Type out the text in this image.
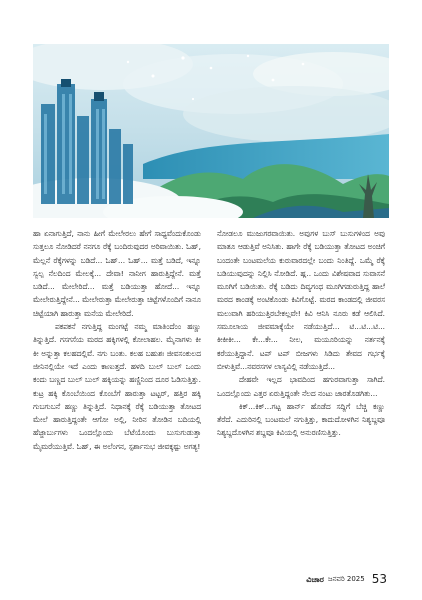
ಹಾ ಏನಾಗುತ್ತಿದೆ, ನಾನು ಹೀಗೆ ಮೇಲೇರಲು ಹೇಗೆ ಸಾಧ್ಯವೆಂದುಕೊಂಡು ಸುತ್ತಲೂ ನೋಡಿದರೆ ನನಗೂ ರೆಕ್ಕೆ ಬಂದಿರುವುದರ ಅರಿವಾಯಿತು. ಓಹ್, ಮೆಲ್ಲನೆ ರೆಕ್ಕೆಗಳನ್ನು ಬಡಿದೆ... ಓಹ್... ಓಹ್... ಮತ್ತೆ ಬಡಿದೆ, ಇನ್ನೂ ಸ್ವಲ್ಪ ನೆಲದಿಂದ ಮೇಲಕ್ಕೆ... ದೇವಾ! ನಾನೀಗ ಹಾರುತ್ತಿದ್ದೇನೆ. ಮತ್ತೆ ಬಡಿದೆ... ಮೇಲೇರಿದೆ... ಮತ್ತೆ ಬಡಿಯುತ್ತಾ ಹೋದೆ... ಇನ್ನೂ ಮೇಲೇರುತ್ತಿದ್ದೇನೆ... ಮೇಲೇರುತ್ತಾ ಮೇಲೇರುತ್ತಾ ಚಿಟ್ಟೆಗಳೊಂದಿಗೆ ನಾನೂ ಚಿಟ್ಟೆಯಾಗಿ ಹಾರುತ್ತಾ ಮನೆಯ ಮೇಲೇರಿದೆ.

ಪಕಪಕನೆ ನಗುತ್ತಿದ್ದ ಮಂಗಟ್ಟೆ ನಮ್ಮ ಮಾತಿಂದೆಂಂ ಹಣ್ಣು ತಿನ್ನುತ್ತಿದೆ. ಗಸಗಸೆಯ ಮರದ ಹಕ್ಕಿಗಳಲ್ಲಿ ಕೋಲಾಹಲ. ಮೈನಾಗಳು ಕೀ ಕೀ ಅನ್ನುತ್ತಾ ಕಲಹದಲ್ಲಿವೆ. ನಗು ಬಂತು. ಕಲಹ ಬಹುಶಃ ಜೀವಸಂಕುಲದ ಜೀನಿನಲ್ಲಿಯೇ ಇದೆ ಎಂದು ಕಾಣುತ್ತದೆ. ಹಳದಿ ಬುಲ್ ಬುಲ್ ಒಂದು ಕಂದು ಬಣ್ಣದ ಬುಲ್ ಬುಲ್ ಹಕ್ಕಿಯನ್ನು ಹಣ್ಣಿನಿಂದ ದೂರ ಓಡಿಸುತ್ತಿತ್ತು. ಕುಟ್ರ ಹಕ್ಕಿ ಕೊಂಬೆಯಿಂದ ಕೊಂಬೆಗೆ ಹಾರುತ್ತಾ ಟಟ್ಟರ್, ಹತ್ತಿರ ಹಕ್ಕಿ ಗುಬಗುಬನೆ ಹಣ್ಣು ತಿನ್ನುತ್ತಿದೆ. ನಿಧಾನಕ್ಕೆ ರೆಕ್ಕೆ ಬಡಿಯುತ್ತಾ ತೋಟದ ಮೇಲೆ ಹಾರುತ್ತಿದ್ದಂತೇ ಆಗೋ ಅಲ್ಲಿ, ನೀರಿನ ತೋಡಿನ ಬದಿಯಲ್ಲಿ ಹೆಜ್ಜಾರ್ಬುಗಳು ಒಂದಲ್ಲೊಂದು ಬೆಟೆಯೊಂದು ಬುಸುಗುಡುತ್ತಾ ಮೈಮರೆಯುತ್ತಿವೆ. ಓಹ್, ಈ ಅಲೆಂಗನ, ಸ್ಪರ್ಶಾನುಭ ಜೀವಕ್ಕಷ್ಟು ಅಗತ್ಯ!

ನೋಡಲೂ ಮುಜುಗರವಾಯಿತು. ಅವುಗಳ ಬುಸ್ ಬುಸುಗಳಿಂದ ಅವು ಮಾತೂ ಆಡುತ್ತಿವೆ ಅನಿಸಿತು. ಹಾಗೇ ರೆಕ್ಕೆ ಬಡಿಯುತ್ತಾ ತೋಟದ ಅಂಚಿಗೆ ಬಂದಂತೇ ಬಂಟಮಲೆಯ ಕುರುವಾರದಲ್ಲೇ ಬಂದು ನಿಂತಿದ್ದೆ. ಒಮ್ಮೆ ರೆಕ್ಕೆ ಬಡಿಯುವುದನ್ನು ನಿಲ್ಲಿಸಿ ನೋಡಿದೆ. ಹ್ಲ.. ಒಂದು ವಿಶೇಷವಾದ ಸುವಾಸನೆ ಮೂಗಿಗೆ ಬಡಿಯಿತು. ರೆಕ್ಕೆ ಬಡಿದು ದಿವ್ಯಗಂಧ ಮೂಗಿಗಡುರುತ್ತಿದ್ದ ಹಾಲೆ ಮರದ ಕಾಂಡಕ್ಕೆ ಅಂಟಿಕೊಂಡು ಕಿವಿಗೊಟ್ಟೆ. ಮರದ ಕಾಂಡದಲ್ಲಿ ಜೀವರಸ ಮಲುವಾಗಿ ಹರಿಯುತ್ತಿರಬೇಕಲ್ಲವೇ! ಕಿವಿ ಆನಿಸಿ ನೂರು ಕಡೆ ಆಲಿಸಿದೆ. ಸಮೂಲಾಯ ಜೀವಮಾಕ್ಕೆಯೇ ನಡೆಯುತ್ತಿದೆ... ಟಿ...ಟಿ...ಟಿ... ಕೀಕೀಕೀ... ಕೇ...ಕೇ... ನೀಲ, ಮಯೂರಿಯನ್ನು ನರ್ತನಕ್ಕೆ ಕರೆಯುತ್ತಿದ್ದಾನೆ. ಟಪ್ ಟಪ್ ಬೀಜಗಳು ಸಿಡಿದು ತೇವದ ಗರ್ಭಕ್ಕೆ ಬೀಳುತ್ತಿವೆ...ನವರಸಗಳ ಲಾಸ್ಯವಿಲ್ಲಿ ನಡೆಯುತ್ತಿದೆ...

ದೇಹವೇ ಇಲ್ಲದ ಭಾವದಿಂದ ಹಗುರವಾಗುತ್ತಾ ಸಾಗಿದೆ. ಒಂದಲ್ಲೊಂದು ಎತ್ತರ ಏರುತ್ತಿದ್ದಂತೇ ನೆಲದ ನಂಟು ಜಾರತೊಡಗಿತು...

ಕಿಕ್...ಕಿಕ್...ಗಟ್ಟ ಹಾರ್ನ್ ಹೊಡೆದ ಸದ್ದಿಗೆ ಬೆಚ್ಚಿ ಕಣ್ಣು ತೆರೆದೆ. ಎದುರಿನಲ್ಲಿ ಬಂಟಮಲೆ ನಗುತ್ತಿತ್ತು, ಕಾದುದೋಳಗಿನ ನಿಶ್ಯಬ್ದವೂ ನಿಶ್ಯಬ್ದದೊಳಗಿನ ಶಬ್ದವೂ ಕಿವಿಯಲ್ಲಿ ಅನುರಣಿಸುತ್ತಿತ್ತು.

ವಿಚಾರ ಜನವರಿ 2025 53
